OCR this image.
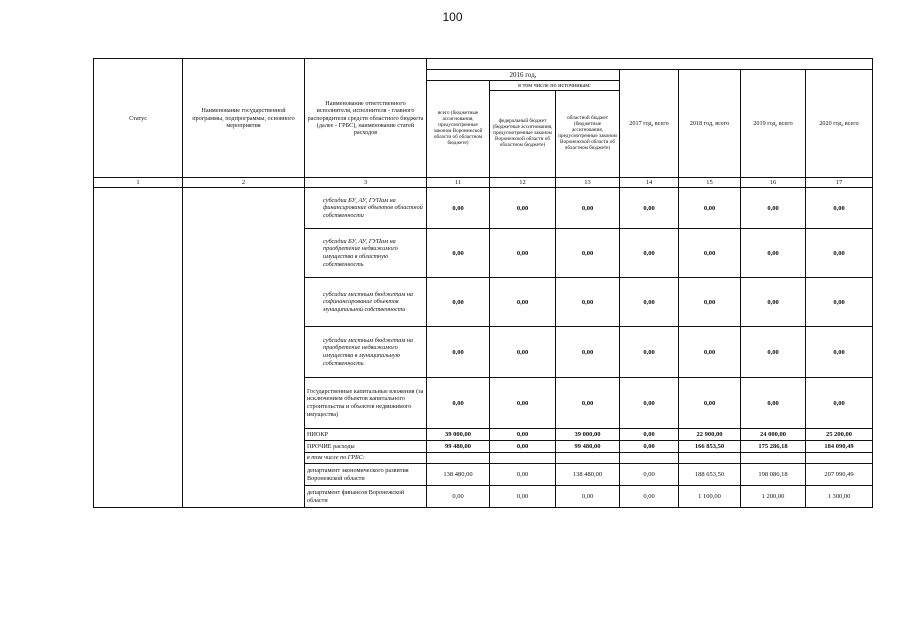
100
Статус	Наименование государственной программы, подпрограммы, основного мероприятия	Наименование ответственного исполнителя, исполнителя - главного распорядителя средств областного бюджета (далее - ГРБС), наименование статей расходов							
			2016 год,			2017 год, всего	2018 год, всего	2019 год, всего	2020 год, всего
			всего (бюджетные ассигнования, предусмотренные законом Воронежской области об областном бюджете)	в том числе по источникам:					
				федеральный бюджет (бюджетные ассигнования, предусмотренные законом Воронежской области об областном бюджете)	областной бюджет (бюджетные ассигнования, предусмотренные законом Воронежской области об областном бюджете)				
1	2	3	11	12	13	14	15	16	17
		субсидии БУ, АУ, ГУПам на финансирование объектов областной собственности	0,00	0,00	0,00	0,00	0,00	0,00	0,00
		субсидии БУ, АУ, ГУПам на приобретение недвижимого имущества в областную собственность	0,00	0,00	0,00	0,00	0,00	0,00	0,00
		субсидии местным бюджетам на софинансирование объектов муниципальной собственности	0,00	0,00	0,00	0,00	0,00	0,00	0,00
		субсидии местным бюджетам на приобретение недвижимого имущества в муниципальную собственность	0,00	0,00	0,00	0,00	0,00	0,00	0,00
		Государственные капитальные вложения (за исключением объектов капитального строительства и объектов недвижимого имущества)	0,00	0,00	0,00	0,00	0,00	0,00	0,00
		НИОКР	39 000,00	0,00	39 000,00	0,00	22 900,00	24 000,00	25 200,00
		ПРОЧИЕ расходы	99 480,00	0,00	99 480,00	0,00	166 853,50	175 286,18	184 090,49
		в том числе по ГРБС:							
		департамент экономического развития Воронежской области	138 480,00	0,00	138 480,00	0,00	188 653,50	198 086,18	207 990,49
		департамент финансов Воронежской области	0,00	0,00	0,00	0,00	1 100,00	1 200,00	1 300,00
